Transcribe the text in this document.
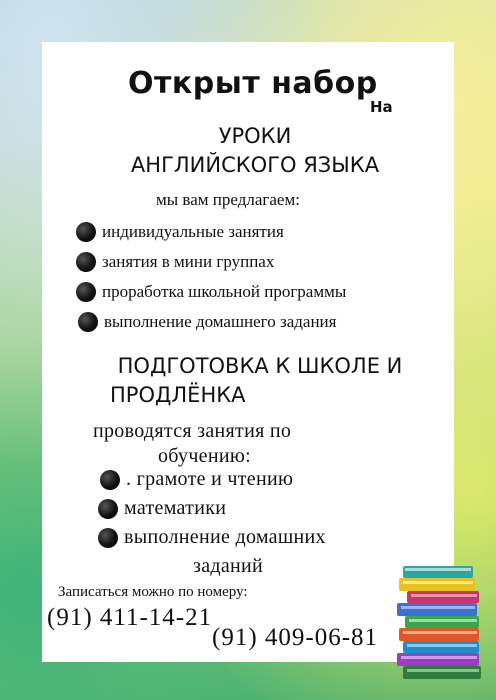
Открыт набор
На
УРОКИ
АНГЛИЙСКОГО ЯЗЫКА
мы вам предлагаем:
индивидуальные занятия
занятия в мини группах
проработка школьной программы
выполнение домашнего задания
ПОДГОТОВКА К ШКОЛЕ И
ПРОДЛЁНКА
проводятся занятия по
обучению:
. грамоте и чтению
математики
выполнение домашних
заданий
Записаться можно по номеру:
(91) 411-14-21
(91) 409-06-81
